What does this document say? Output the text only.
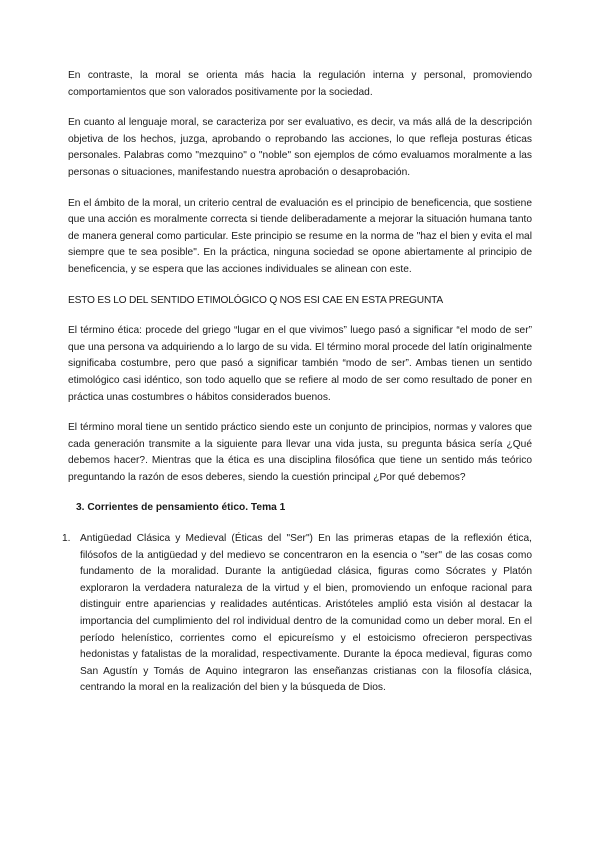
En contraste, la moral se orienta más hacia la regulación interna y personal, promoviendo comportamientos que son valorados positivamente por la sociedad.

En cuanto al lenguaje moral, se caracteriza por ser evaluativo, es decir, va más allá de la descripción objetiva de los hechos, juzga, aprobando o reprobando las acciones, lo que refleja posturas éticas personales. Palabras como "mezquino" o "noble" son ejemplos de cómo evaluamos moralmente a las personas o situaciones, manifestando nuestra aprobación o desaprobación.

En el ámbito de la moral, un criterio central de evaluación es el principio de beneficencia, que sostiene que una acción es moralmente correcta si tiende deliberadamente a mejorar la situación humana tanto de manera general como particular. Este principio se resume en la norma de "haz el bien y evita el mal siempre que te sea posible". En la práctica, ninguna sociedad se opone abiertamente al principio de beneficencia, y se espera que las acciones individuales se alinean con este.

ESTO ES LO DEL SENTIDO ETIMOLÓGICO Q NOS ESI CAE EN ESTA PREGUNTA

El término ética: procede del griego “lugar en el que vivimos” luego pasó a significar “el modo de ser” que una persona va adquiriendo a lo largo de su vida. El término moral procede del latín originalmente significaba costumbre, pero que pasó a significar también “modo de ser”. Ambas tienen un sentido etimológico casi idéntico, son todo aquello que se refiere al modo de ser como resultado de poner en práctica unas costumbres o hábitos considerados buenos.

El término moral tiene un sentido práctico siendo este un conjunto de principios, normas y valores que cada generación transmite a la siguiente para llevar una vida justa, su pregunta básica sería ¿Qué debemos hacer?. Mientras que la ética es una disciplina filosófica que tiene un sentido más teórico preguntando la razón de esos deberes, siendo la cuestión principal ¿Por qué debemos?

3. Corrientes de pensamiento ético. Tema 1
1. Antigüedad Clásica y Medieval (Éticas del "Ser") En las primeras etapas de la reflexión ética, filósofos de la antigüedad y del medievo se concentraron en la esencia o "ser" de las cosas como fundamento de la moralidad. Durante la antigüedad clásica, figuras como Sócrates y Platón exploraron la verdadera naturaleza de la virtud y el bien, promoviendo un enfoque racional para distinguir entre apariencias y realidades auténticas. Aristóteles amplió esta visión al destacar la importancia del cumplimiento del rol individual dentro de la comunidad como un deber moral. En el período helenístico, corrientes como el epicureísmo y el estoicismo ofrecieron perspectivas hedonistas y fatalistas de la moralidad, respectivamente. Durante la época medieval, figuras como San Agustín y Tomás de Aquino integraron las enseñanzas cristianas con la filosofía clásica, centrando la moral en la realización del bien y la búsqueda de Dios.
